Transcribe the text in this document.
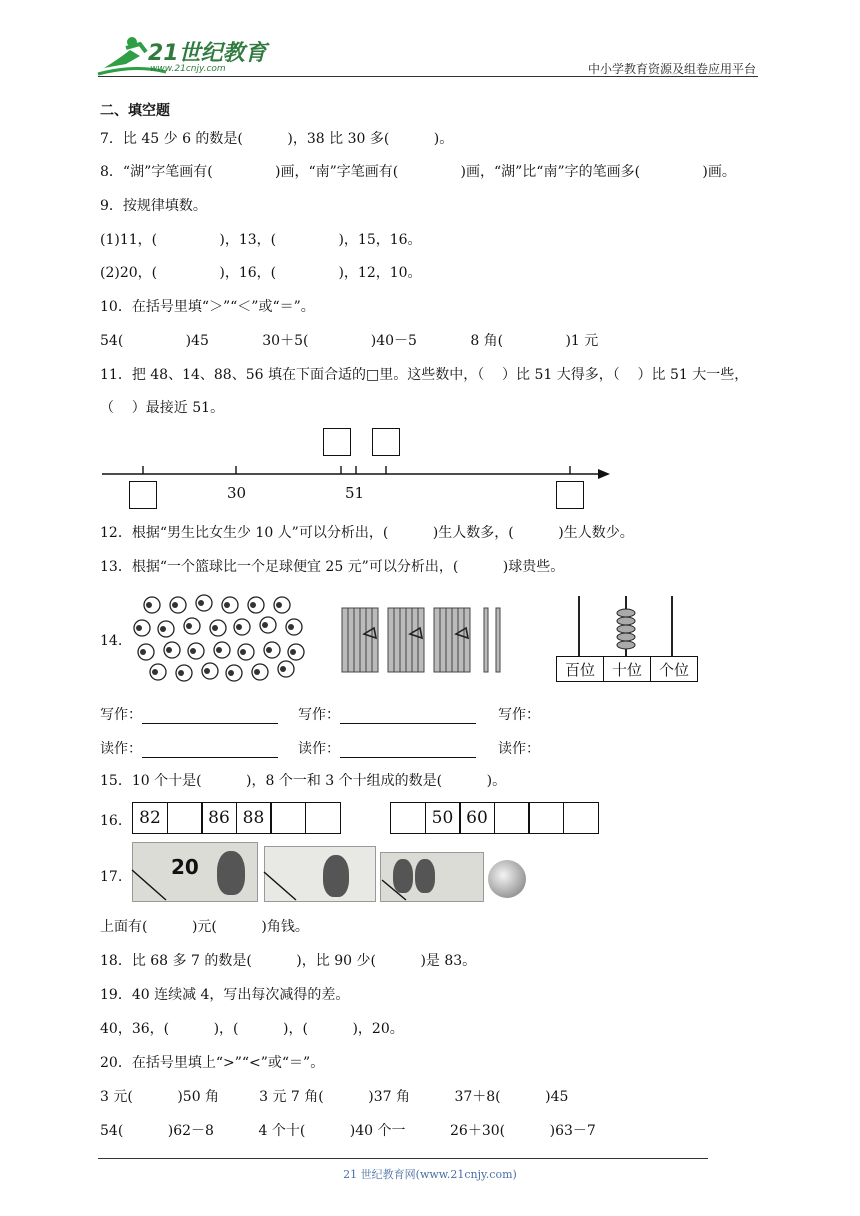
21世纪教育
www.21cnjy.com	中小学教育资源及组卷应用平台
二、填空题
7．比 45 少 6 的数是(          )，38 比 30 多(          )。
8．“湖”字笔画有(              )画，“南”字笔画有(              )画，“湖”比“南”字的笔画多(              )画。
9．按规律填数。
(1)11，(              )，13，(              )，15，16。
(2)20，(              )，16，(              )，12，10。
10．在括号里填“＞”“＜”或“＝”。
54(              )45            30＋5(              )40－5            8 角(              )1 元
11．把 48、14、88、56 填在下面合适的□里。这些数中，（    ）比 51 大得多，（    ）比 51 大一些，
（    ）最接近 51。
30	51
12．根据“男生比女生少 10 人”可以分析出，(          )生人数多，(          )生人数少。
13．根据“一个篮球比一个足球便宜 25 元”可以分析出，(          )球贵些。
14.
百位	十位	个位
写作：	写作：	写作：
读作：	读作：	读作：
15．10 个十是(          )，8 个一和 3 个十组成的数是(          )。
16. 82	86 88	50 60
17. 20
上面有(          )元(          )角钱。
18．比 68 多 7 的数是(          )，比 90 少(          )是 83。
19．40 连续减 4，写出每次减得的差。
40，36，(          )，(          )，(          )，20。
20．在括号里填上“>”“<”或“＝”。
3 元(          )50 角         3 元 7 角(          )37 角          37＋8(          )45
54(          )62－8          4 个十(          )40 个一          26＋30(          )63－7
21 世纪教育网(www.21cnjy.com)
